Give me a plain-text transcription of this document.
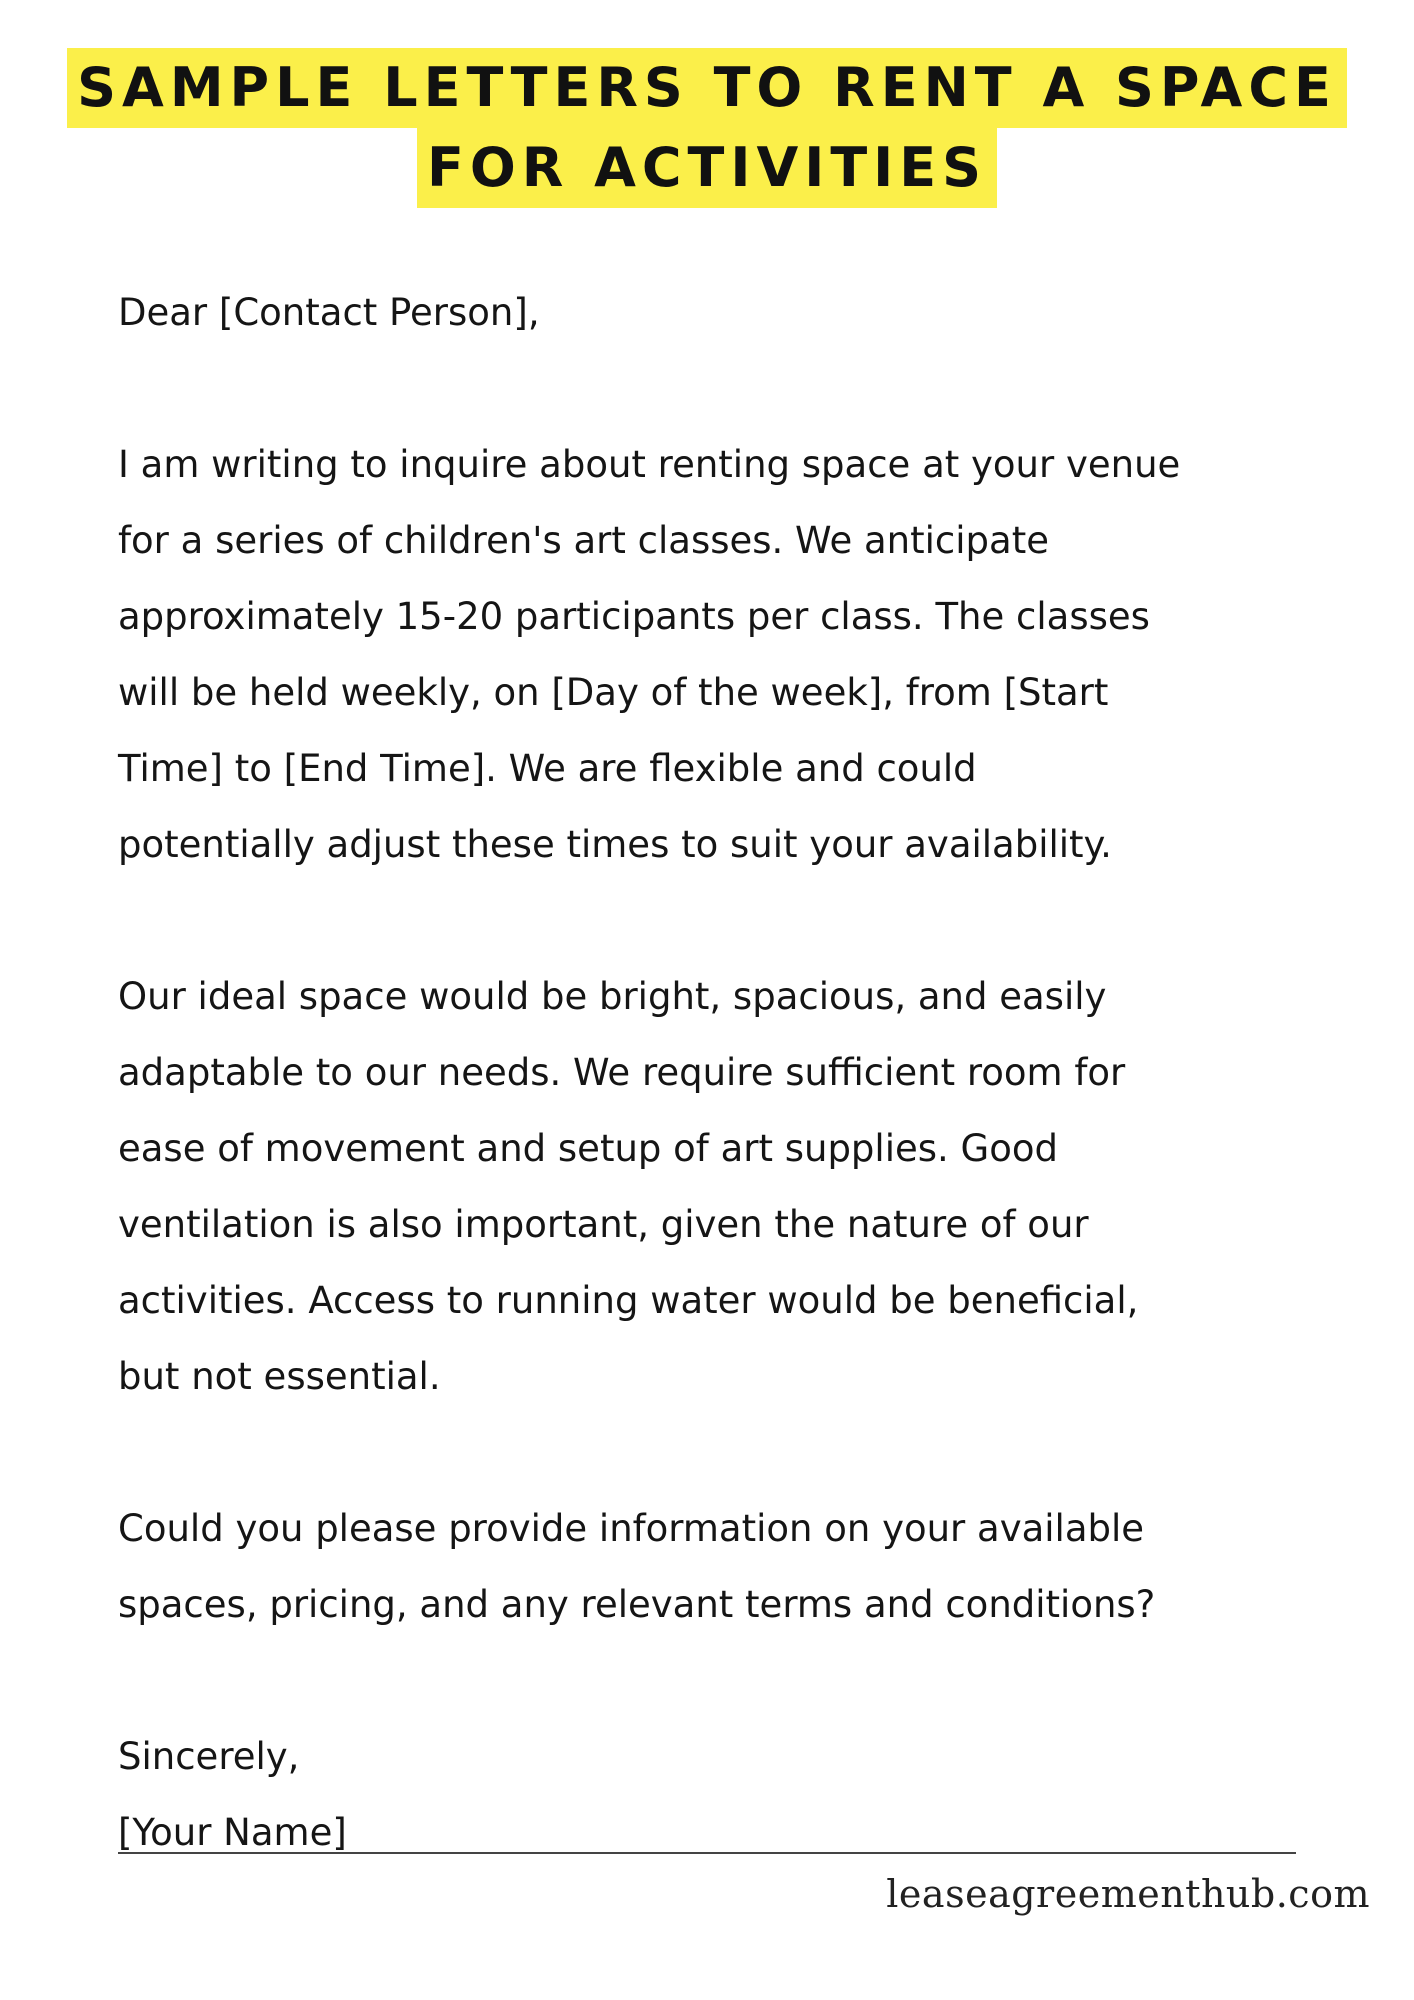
SAMPLE LETTERS TO RENT A SPACE
FOR ACTIVITIES

Dear [Contact Person],

I am writing to inquire about renting space at your venue

for a series of children's art classes. We anticipate

approximately 15-20 participants per class. The classes

will be held weekly, on [Day of the week], from [Start

Time] to [End Time]. We are flexible and could

potentially adjust these times to suit your availability.

Our ideal space would be bright, spacious, and easily

adaptable to our needs. We require sufficient room for

ease of movement and setup of art supplies. Good

ventilation is also important, given the nature of our

activities. Access to running water would be beneficial,

but not essential.

Could you please provide information on your available

spaces, pricing, and any relevant terms and conditions?

Sincerely,

[Your Name]

leaseagreementhub.com
